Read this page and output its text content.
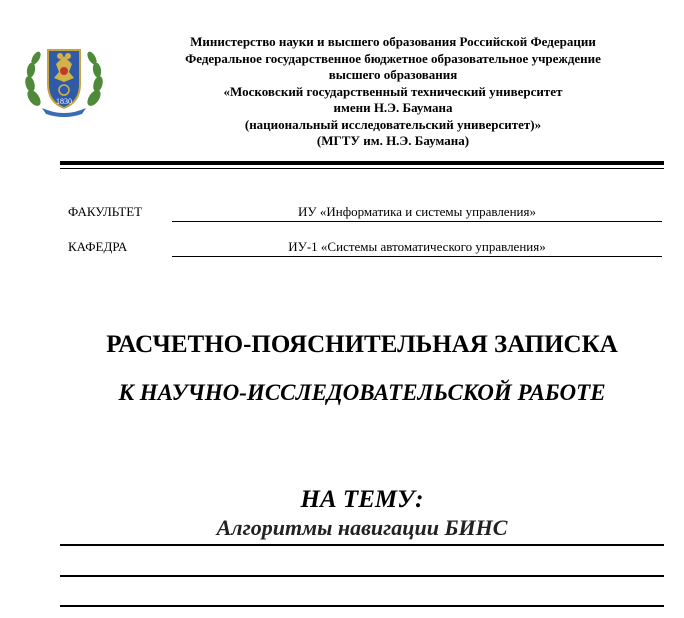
1830
Министерство науки и высшего образования Российской Федерации
Федеральное государственное бюджетное образовательное учреждение
высшего образования
«Московский государственный технический университет
имени Н.Э. Баумана
(национальный исследовательский университет)»
(МГТУ им. Н.Э. Баумана)
ФАКУЛЬТЕТ	ИУ «Информатика и системы управления»
КАФЕДРА	ИУ-1 «Системы автоматического управления»
РАСЧЕТНО-ПОЯСНИТЕЛЬНАЯ ЗАПИСКА
К НАУЧНО-ИССЛЕДОВАТЕЛЬСКОЙ РАБОТЕ
НА ТЕМУ:
Алгоритмы навигации БИНС
